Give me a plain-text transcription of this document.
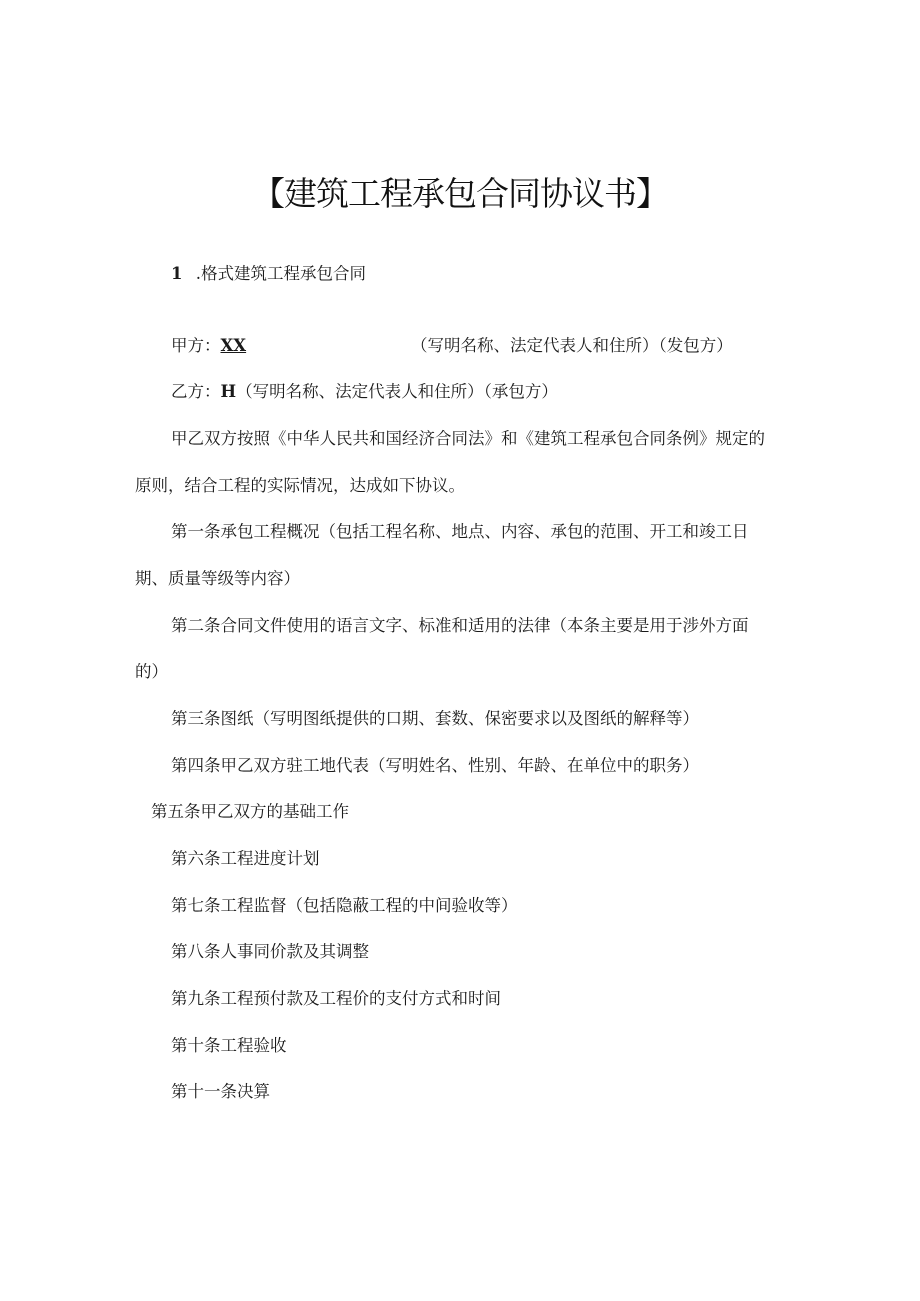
【建筑工程承包合同协议书】
1 .格式建筑工程承包合同
甲方：XX	（写明名称、法定代表人和住所）（发包方）
乙方：H（写明名称、法定代表人和住所）（承包方）
甲乙双方按照《中华人民共和国经济合同法》和《建筑工程承包合同条例》规定的
原则，结合工程的实际情况，达成如下协议。
第一条承包工程概况（包括工程名称、地点、内容、承包的范围、开工和竣工日
期、质量等级等内容）
第二条合同文件使用的语言文字、标准和适用的法律（本条主要是用于涉外方面
的）
第三条图纸（写明图纸提供的口期、套数、保密要求以及图纸的解释等）
第四条甲乙双方驻工地代表（写明姓名、性别、年龄、在单位中的职务）
第五条甲乙双方的基础工作
第六条工程进度计划
第七条工程监督（包括隐蔽工程的中间验收等）
第八条人事同价款及其调整
第九条工程预付款及工程价的支付方式和时间
第十条工程验收
第十一条决算
